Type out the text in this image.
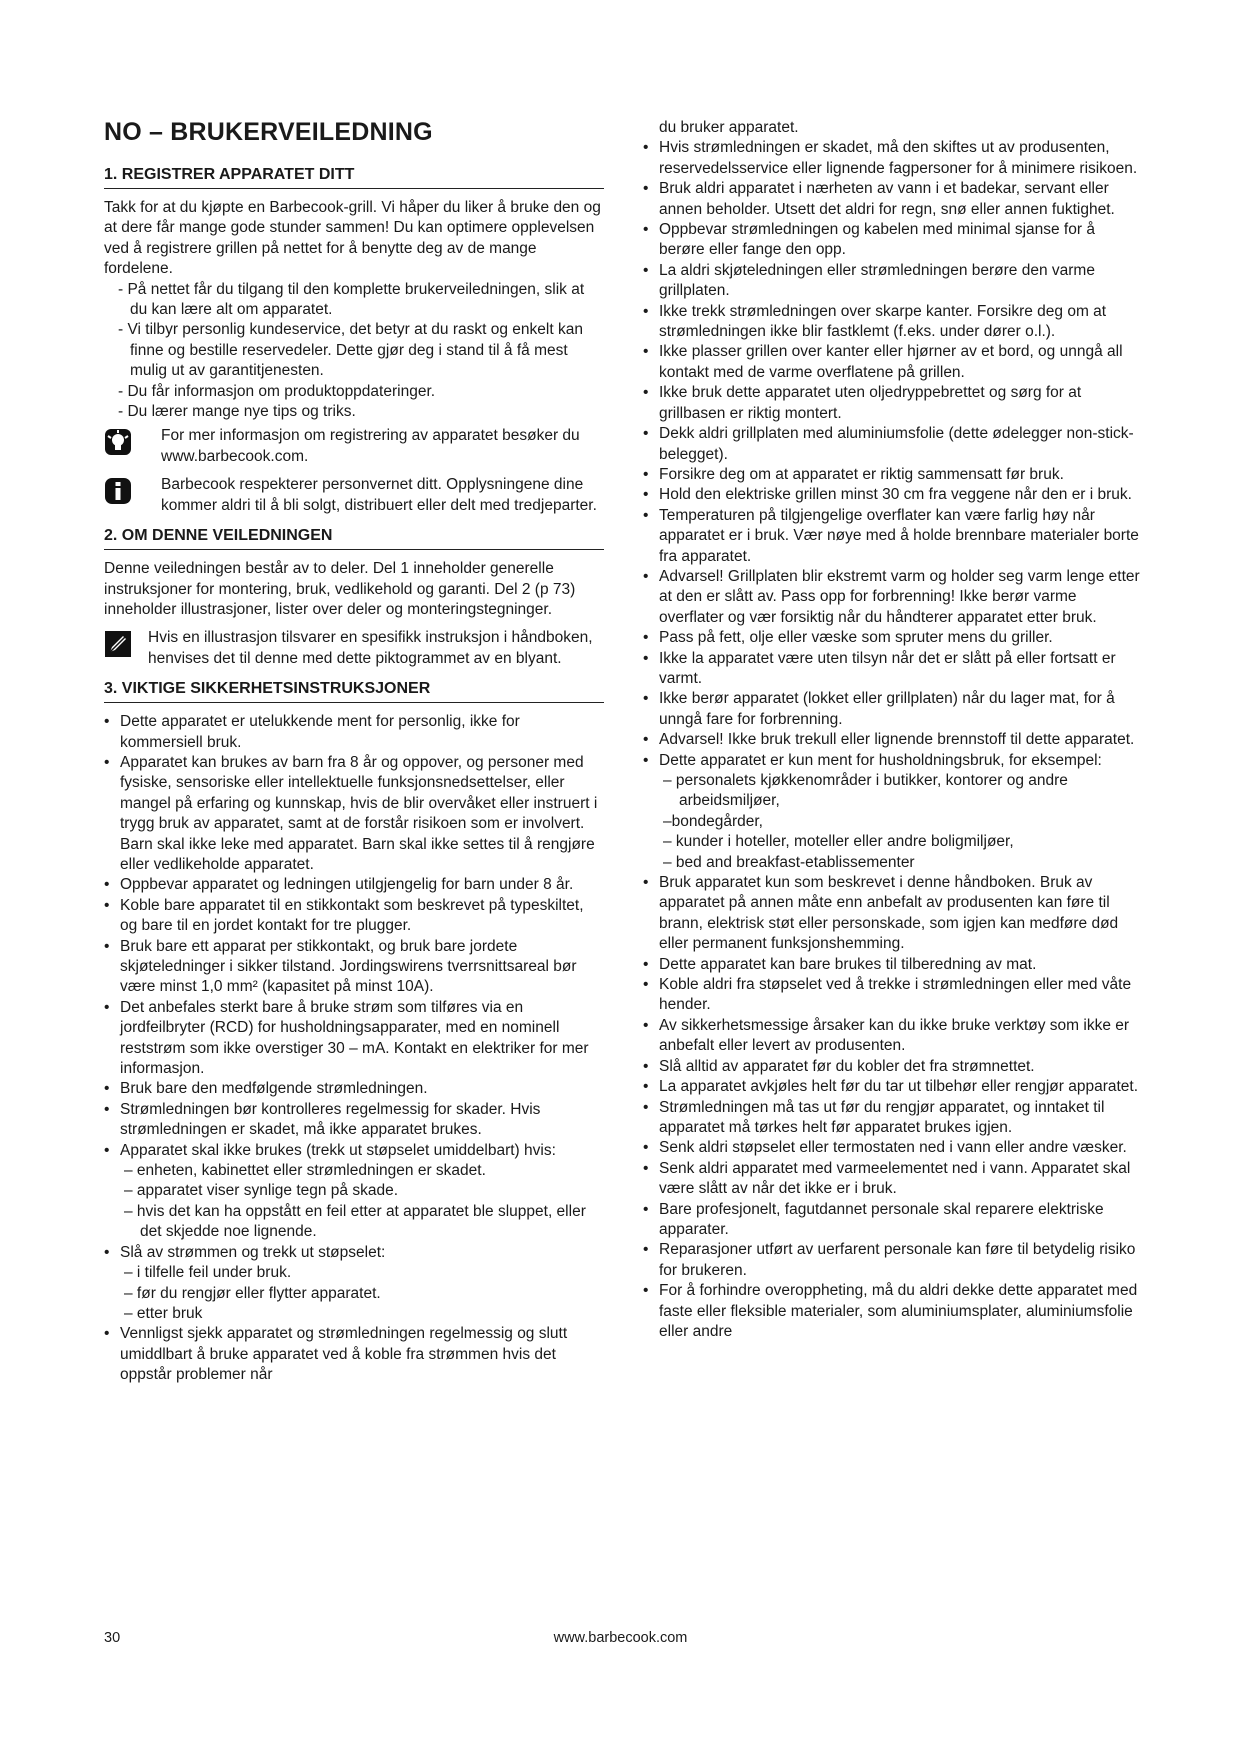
NO – BRUKERVEILEDNING
1. REGISTRER APPARATET DITT

Takk for at du kjøpte en Barbecook-grill. Vi håper du liker å bruke den og at dere får mange gode stunder sammen! Du kan optimere opplevelsen ved å registrere grillen på nettet for å benytte deg av de mange fordelene.

- På nettet får du tilgang til den komplette brukerveiledningen, slik at du kan lære alt om apparatet.
- Vi tilbyr personlig kundeservice, det betyr at du raskt og enkelt kan finne og bestille reservedeler. Dette gjør deg i stand til å få mest mulig ut av garantitjenesten.
- Du får informasjon om produktoppdateringer.
- Du lærer mange nye tips og triks.
For mer informasjon om registrering av apparatet besøker du www.barbecook.com.
Barbecook respekterer personvernet ditt. Opplysningene dine kommer aldri til å bli solgt, distribuert eller delt med tredjeparter.
2. OM DENNE VEILEDNINGEN

Denne veiledningen består av to deler. Del 1 inneholder generelle instruksjoner for montering, bruk, vedlikehold og garanti. Del 2 (p 73) inneholder illustrasjoner, lister over deler og monteringstegninger.

Hvis en illustrasjon tilsvarer en spesifikk instruksjon i håndboken, henvises det til denne med dette piktogrammet av en blyant.
3. VIKTIGE SIKKERHETSINSTRUKSJONER
• Dette apparatet er utelukkende ment for personlig, ikke for kommersiell bruk.
• Apparatet kan brukes av barn fra 8 år og oppover, og personer med fysiske, sensoriske eller intellektuelle funksjonsnedsettelser, eller mangel på erfaring og kunnskap, hvis de blir overvåket eller instruert i trygg bruk av apparatet, samt at de forstår risikoen som er involvert. Barn skal ikke leke med apparatet. Barn skal ikke settes til å rengjøre eller vedlikeholde apparatet.
• Oppbevar apparatet og ledningen utilgjengelig for barn under 8 år.
• Koble bare apparatet til en stikkontakt som beskrevet på typeskiltet, og bare til en jordet kontakt for tre plugger.
• Bruk bare ett apparat per stikkontakt, og bruk bare jordete skjøteledninger i sikker tilstand. Jordingswirens tverrsnittsareal bør være minst 1,0 mm² (kapasitet på minst 10A).
• Det anbefales sterkt bare å bruke strøm som tilføres via en jordfeilbryter (RCD) for husholdningsapparater, med en nominell reststrøm som ikke overstiger 30 – mA. Kontakt en elektriker for mer informasjon.
• Bruk bare den medfølgende strømledningen.
• Strømledningen bør kontrolleres regelmessig for skader. Hvis strømledningen er skadet, må ikke apparatet brukes.
• Apparatet skal ikke brukes (trekk ut støpselet umiddelbart) hvis:
– enheten, kabinettet eller strømledningen er skadet.
– apparatet viser synlige tegn på skade.
– hvis det kan ha oppstått en feil etter at apparatet ble sluppet, eller det skjedde noe lignende.
• Slå av strømmen og trekk ut støpselet:
– i tilfelle feil under bruk.
– før du rengjør eller flytter apparatet.
– etter bruk
• Vennligst sjekk apparatet og strømledningen regelmessig og slutt umiddlbart å bruke apparatet ved å koble fra strømmen hvis det oppstår problemer når

du bruker apparatet.

• Hvis strømledningen er skadet, må den skiftes ut av produsenten, reservedelsservice eller lignende fagpersoner for å minimere risikoen.
• Bruk aldri apparatet i nærheten av vann i et badekar, servant eller annen beholder. Utsett det aldri for regn, snø eller annen fuktighet.
• Oppbevar strømledningen og kabelen med minimal sjanse for å berøre eller fange den opp.
• La aldri skjøteledningen eller strømledningen berøre den varme grillplaten.
• Ikke trekk strømledningen over skarpe kanter. Forsikre deg om at strømledningen ikke blir fastklemt (f.eks. under dører o.l.).
• Ikke plasser grillen over kanter eller hjørner av et bord, og unngå all kontakt med de varme overflatene på grillen.
• Ikke bruk dette apparatet uten oljedryppebrettet og sørg for at grillbasen er riktig montert.
• Dekk aldri grillplaten med aluminiumsfolie (dette ødelegger non-stick-belegget).
• Forsikre deg om at apparatet er riktig sammensatt før bruk.
• Hold den elektriske grillen minst 30 cm fra veggene når den er i bruk.
• Temperaturen på tilgjengelige overflater kan være farlig høy når apparatet er i bruk. Vær nøye med å holde brennbare materialer borte fra apparatet.
• Advarsel! Grillplaten blir ekstremt varm og holder seg varm lenge etter at den er slått av. Pass opp for forbrenning! Ikke berør varme overflater og vær forsiktig når du håndterer apparatet etter bruk.
• Pass på fett, olje eller væske som spruter mens du griller.
• Ikke la apparatet være uten tilsyn når det er slått på eller fortsatt er varmt.
• Ikke berør apparatet (lokket eller grillplaten) når du lager mat, for å unngå fare for forbrenning.
• Advarsel! Ikke bruk trekull eller lignende brennstoff til dette apparatet.
• Dette apparatet er kun ment for husholdningsbruk, for eksempel:
– personalets kjøkkenområder i butikker, kontorer og andre arbeidsmiljøer,
–bondegårder,
– kunder i hoteller, moteller eller andre boligmiljøer,
– bed and breakfast-etablissementer
• Bruk apparatet kun som beskrevet i denne håndboken. Bruk av apparatet på annen måte enn anbefalt av produsenten kan føre til brann, elektrisk støt eller personskade, som igjen kan medføre død eller permanent funksjonshemming.
• Dette apparatet kan bare brukes til tilberedning av mat.
• Koble aldri fra støpselet ved å trekke i strømledningen eller med våte hender.
• Av sikkerhetsmessige årsaker kan du ikke bruke verktøy som ikke er anbefalt eller levert av produsenten.
• Slå alltid av apparatet før du kobler det fra strømnettet.
• La apparatet avkjøles helt før du tar ut tilbehør eller rengjør apparatet.
• Strømledningen må tas ut før du rengjør apparatet, og inntaket til apparatet må tørkes helt før apparatet brukes igjen.
• Senk aldri støpselet eller termostaten ned i vann eller andre væsker.
• Senk aldri apparatet med varmeelementet ned i vann. Apparatet skal være slått av når det ikke er i bruk.
• Bare profesjonelt, fagutdannet personale skal reparere elektriske apparater.
• Reparasjoner utført av uerfarent personale kan føre til betydelig risiko for brukeren.
• For å forhindre overoppheting, må du aldri dekke dette apparatet med faste eller fleksible materialer, som aluminiumsplater, aluminiumsfolie eller andre
30	www.barbecook.com
